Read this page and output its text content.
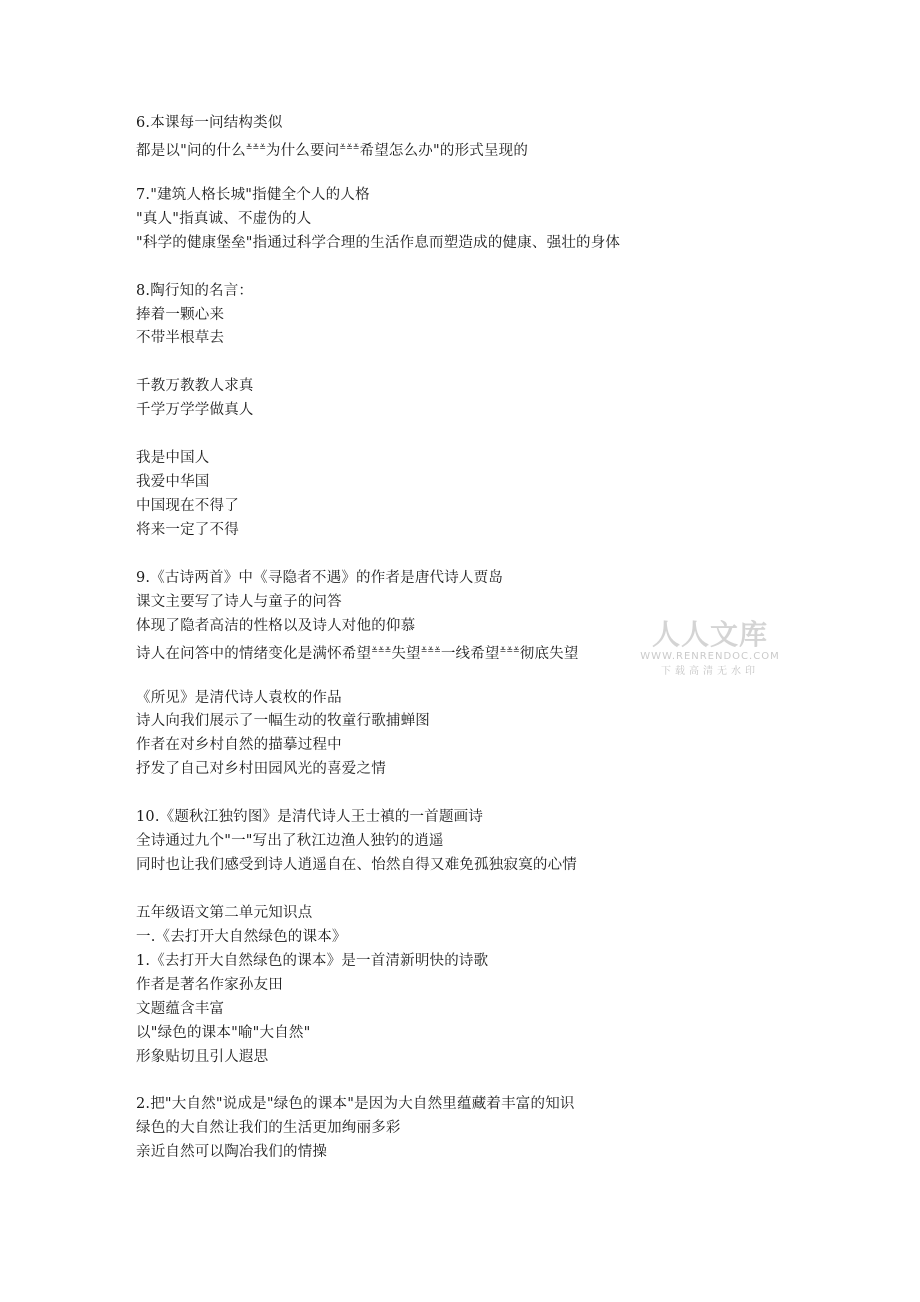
6.本课每一问结构类似
都是以"问的什么≚≚≚为什么要问≚≚≚希望怎么办"的形式呈现的
7."建筑人格长城"指健全个人的人格
"真人"指真诚、不虚伪的人
"科学的健康堡垒"指通过科学合理的生活作息而塑造成的健康、强壮的身体
8.陶行知的名言：
捧着一颗心来
不带半根草去
千教万教教人求真
千学万学学做真人
我是中国人
我爱中华国
中国现在不得了
将来一定了不得
9.《古诗两首》中《寻隐者不遇》的作者是唐代诗人贾岛
课文主要写了诗人与童子的问答
体现了隐者高洁的性格以及诗人对他的仰慕
诗人在问答中的情绪变化是满怀希望≚≚≚失望≚≚≚一线希望≚≚≚彻底失望
《所见》是清代诗人袁枚的作品
诗人向我们展示了一幅生动的牧童行歌捕蝉图
作者在对乡村自然的描摹过程中
抒发了自己对乡村田园风光的喜爱之情
10.《题秋江独钓图》是清代诗人王士禛的一首题画诗
全诗通过九个"一"写出了秋江边渔人独钓的逍遥
同时也让我们感受到诗人逍遥自在、怡然自得又难免孤独寂寞的心情
五年级语文第二单元知识点
一.《去打开大自然绿色的课本》
1.《去打开大自然绿色的课本》是一首清新明快的诗歌
作者是著名作家孙友田
文题蕴含丰富
以"绿色的课本"喻"大自然"
形象贴切且引人遐思
2.把"大自然"说成是"绿色的课本"是因为大自然里蕴藏着丰富的知识
绿色的大自然让我们的生活更加绚丽多彩
亲近自然可以陶冶我们的情操
人人文库
WWW.RENRENDOC.COM
下载高清无水印
